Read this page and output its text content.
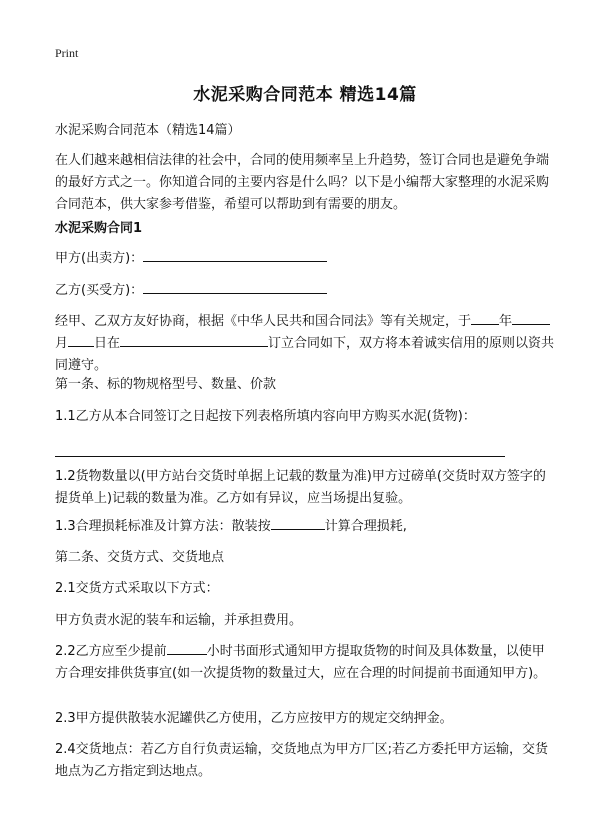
Print
水泥采购合同范本 精选14篇
水泥采购合同范本（精选14篇）
在人们越来越相信法律的社会中，合同的使用频率呈上升趋势，签订合同也是避免争端的最好方式之一。你知道合同的主要内容是什么吗？以下是小编帮大家整理的水泥采购合同范本，供大家参考借鉴，希望可以帮助到有需要的朋友。
水泥采购合同1
甲方(出卖方)：
乙方(买受方)：
经甲、乙双方友好协商，根据《中华人民共和国合同法》等有关规定，于 年月 日在	订立合同如下，双方将本着诚实信用的原则以资共同遵守。
第一条、标的物规格型号、数量、价款
1.1乙方从本合同签订之日起按下列表格所填内容向甲方购买水泥(货物)：
1.2货物数量以(甲方站台交货时单据上记载的数量为准)甲方过磅单(交货时双方签字的提货单上)记载的数量为准。乙方如有异议，应当场提出复验。
1.3合理损耗标准及计算方法：散装按	计算合理损耗,
第二条、交货方式、交货地点
2.1交货方式采取以下方式：
甲方负责水泥的装车和运输，并承担费用。
2.2乙方应至少提前	小时书面形式通知甲方提取货物的时间及具体数量，以使甲方合理安排供货事宜(如一次提货物的数量过大，应在合理的时间提前书面通知甲方)。
2.3甲方提供散装水泥罐供乙方使用，乙方应按甲方的规定交纳押金。
2.4交货地点：若乙方自行负责运输，交货地点为甲方厂区;若乙方委托甲方运输，交货地点为乙方指定到达地点。
